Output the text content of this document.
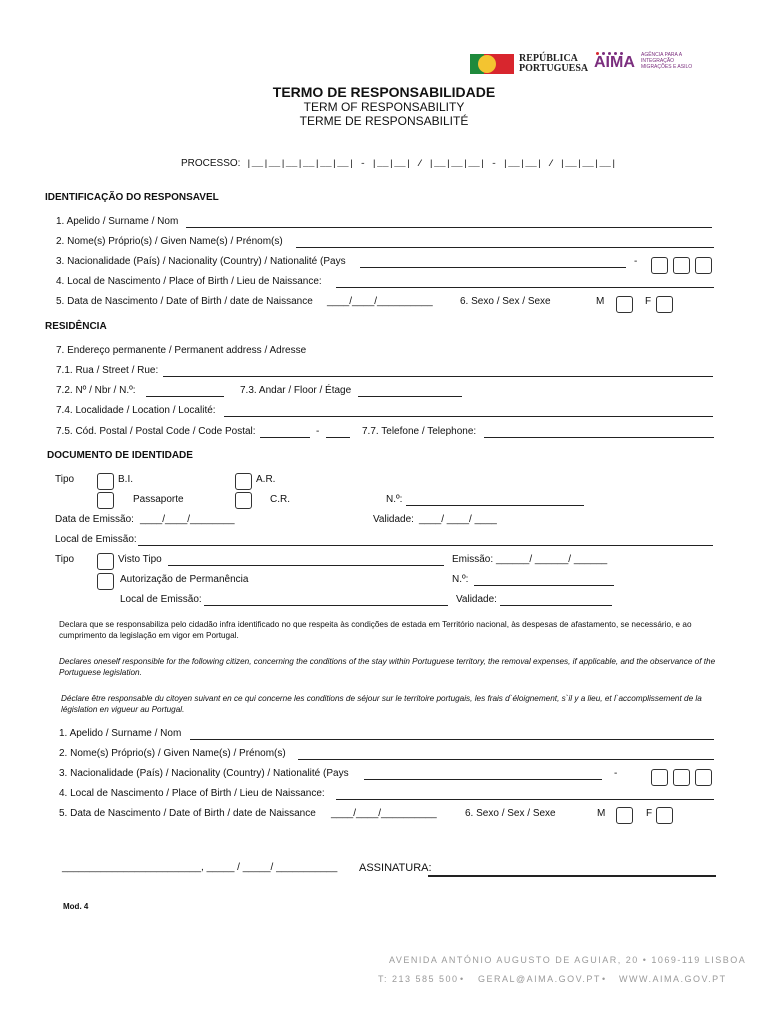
REPÚBLICA
PORTUGUESA AIMA AGÊNCIA PARA A INTEGRAÇÃO MIGRAÇÕES E ASILO
TERMO DE RESPONSABILIDADE
TERM OF RESPONSABILITY
TERME DE RESPONSABILITÉ
PROCESSO: |__|__|__|__|__|__| - |__|__| / |__|__|__| - |__|__| / |__|__|__|
IDENTIFICAÇÃO DO RESPONSAVEL
1. Apelido / Surname / Nom
2. Nome(s) Próprio(s) / Given Name(s) / Prénom(s)
3. Nacionalidade (País) / Nacionality (Country) / Nationalité (Pays	-
4. Local de Nascimento / Place of Birth / Lieu de Naissance:
5. Data de Nascimento / Date of Birth / date de Naissance ____/____/__________	6. Sexo / Sex / Sexe	M	F
RESIDÊNCIA
7. Endereço permanente / Permanent address / Adresse
7.1. Rua / Street / Rue:
7.2. Nº / Nbr / N.º:	7.3. Andar / Floor / Étage
7.4. Localidade / Location / Localité:
7.5. Cód. Postal / Postal Code / Code Postal:	-	7.7. Telefone / Telephone:
DOCUMENTO DE IDENTIDADE
Tipo	B.I.	A.R.
Passaporte	C.R.	N.º:
Data de Emissão: ____/____/________	Validade: ____/ ____/ ____
Local de Emissão:
Tipo	Visto Tipo	Emissão: ______/ ______/ ______
Autorização de Permanência	N.º:
Local de Emissão:	Validade:
Declara que se responsabiliza pelo cidadão infra identificado no que respeita às condições de estada em Território nacional, às despesas de afastamento, se necessário, e ao cumprimento da legislação em vigor em Portugal.
Declares oneself responsible for the following citizen, concerning the conditions of the stay within Portuguese territory, the removal expenses, if applicable, and the observance of the Portuguese legislation.
Déclare être responsable du citoyen suivant en ce qui concerne les conditions de séjour sur le territoire portugais, les frais d`éloignement, s`il y a lieu, et l`accomplissement de la législation en vigueur au Portugal.
1. Apelido / Surname / Nom
2. Nome(s) Próprio(s) / Given Name(s) / Prénom(s)
3. Nacionalidade (País) / Nacionality (Country) / Nationalité (Pays	-
4. Local de Nascimento / Place of Birth / Lieu de Naissance:
5. Data de Nascimento / Date of Birth / date de Naissance ____/____/__________	6. Sexo / Sex / Sexe	M	F
_________________________, _____ / _____/ ___________ ASSINATURA:
Mod. 4
AVENIDA ANTÓNIO AUGUSTO DE AGUIAR, 20 • 1069-119 LISBOA
T: 213 585 500 • GERAL@AIMA.GOV.PT • WWW.AIMA.GOV.PT
